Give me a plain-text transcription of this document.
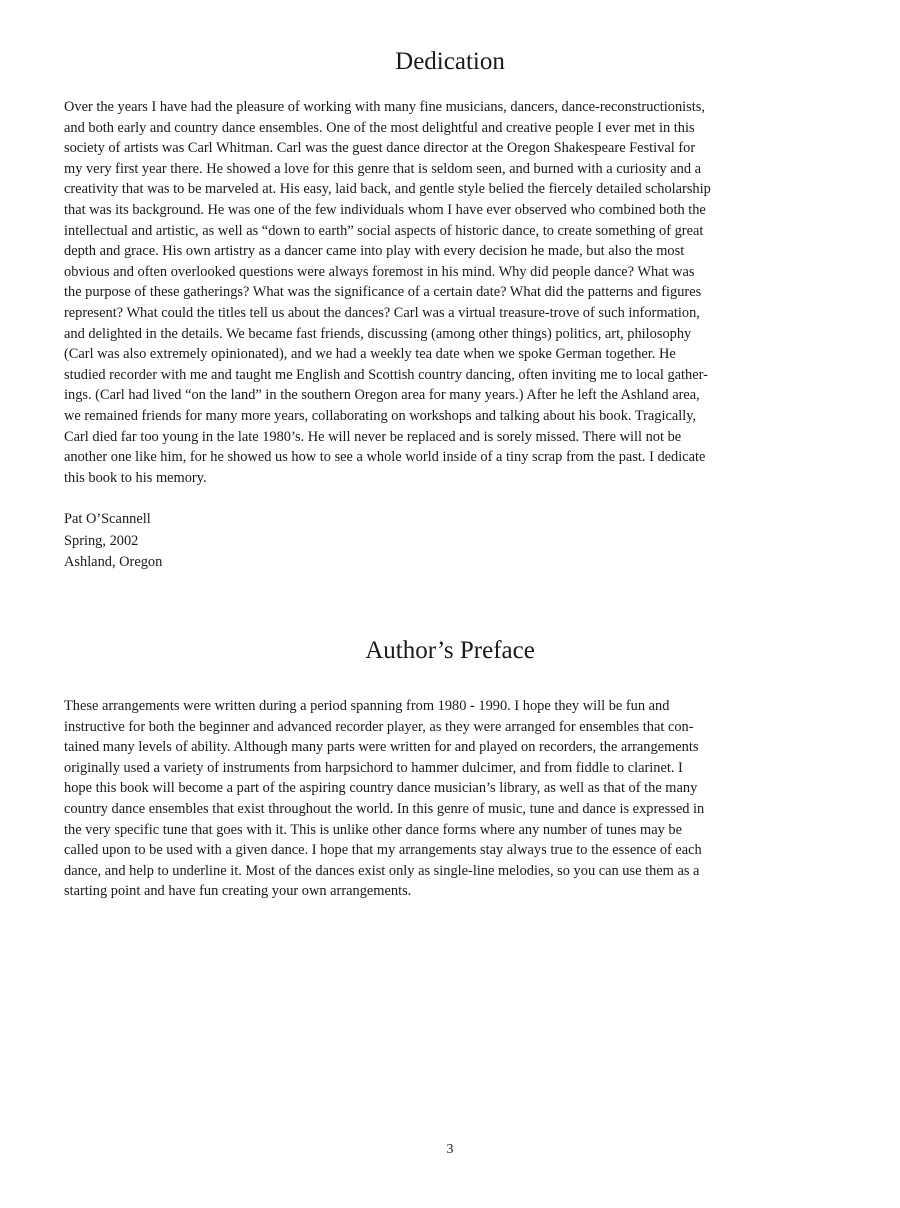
Dedication

Over the years I have had the pleasure of working with many fine musicians, dancers, dance-reconstructionists,
and both early and country dance ensembles. One of the most delightful and creative people I ever met in this
society of artists was Carl Whitman. Carl was the guest dance director at the Oregon Shakespeare Festival for
my very first year there. He showed a love for this genre that is seldom seen, and burned with a curiosity and a
creativity that was to be marveled at. His easy, laid back, and gentle style belied the fiercely detailed scholarship
that was its background. He was one of the few individuals whom I have ever observed who combined both the
intellectual and artistic, as well as “down to earth” social aspects of historic dance, to create something of great
depth and grace. His own artistry as a dancer came into play with every decision he made, but also the most
obvious and often overlooked questions were always foremost in his mind. Why did people dance? What was
the purpose of these gatherings? What was the significance of a certain date? What did the patterns and figures
represent? What could the titles tell us about the dances? Carl was a virtual treasure-trove of such information,
and delighted in the details. We became fast friends, discussing (among other things) politics, art, philosophy
(Carl was also extremely opinionated), and we had a weekly tea date when we spoke German together. He
studied recorder with me and taught me English and Scottish country dancing, often inviting me to local gather-
ings. (Carl had lived “on the land” in the southern Oregon area for many years.) After he left the Ashland area,
we remained friends for many more years, collaborating on workshops and talking about his book. Tragically,
Carl died far too young in the late 1980’s. He will never be replaced and is sorely missed. There will not be
another one like him, for he showed us how to see a whole world inside of a tiny scrap from the past. I dedicate
this book to his memory.

Pat O’Scannell
Spring, 2002
Ashland, Oregon
Author’s Preface

These arrangements were written during a period spanning from 1980 - 1990. I hope they will be fun and
instructive for both the beginner and advanced recorder player, as they were arranged for ensembles that con-
tained many levels of ability. Although many parts were written for and played on recorders, the arrangements
originally used a variety of instruments from harpsichord to hammer dulcimer, and from fiddle to clarinet. I
hope this book will become a part of the aspiring country dance musician’s library, as well as that of the many
country dance ensembles that exist throughout the world. In this genre of music, tune and dance is expressed in
the very specific tune that goes with it. This is unlike other dance forms where any number of tunes may be
called upon to be used with a given dance. I hope that my arrangements stay always true to the essence of each
dance, and help to underline it. Most of the dances exist only as single-line melodies, so you can use them as a
starting point and have fun creating your own arrangements.

3
